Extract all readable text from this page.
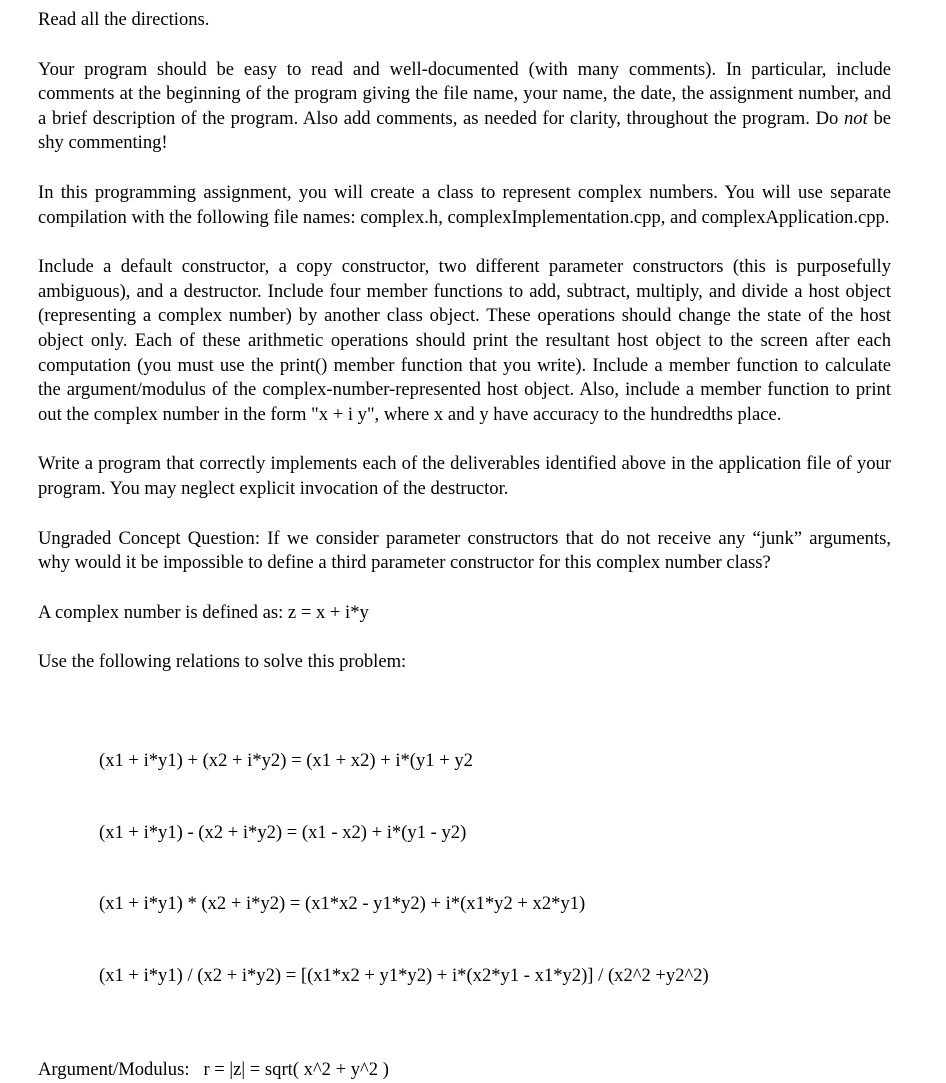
Read all the directions.

Your program should be easy to read and well-documented (with many comments). In particular, include comments at the beginning of the program giving the file name, your name, the date, the assignment number, and a brief description of the program. Also add comments, as needed for clarity, throughout the program. Do not be shy commenting!

In this programming assignment, you will create a class to represent complex numbers. You will use separate compilation with the following file names: complex.h, complexImplementation.cpp, and complexApplication.cpp.

Include a default constructor, a copy constructor, two different parameter constructors (this is purposefully ambiguous), and a destructor. Include four member functions to add, subtract, multiply, and divide a host object (representing a complex number) by another class object. These operations should change the state of the host object only. Each of these arithmetic operations should print the resultant host object to the screen after each computation (you must use the print() member function that you write). Include a member function to calculate the argument/modulus of the complex-number-represented host object. Also, include a member function to print out the complex number in the form "x + i y", where x and y have accuracy to the hundredths place.

Write a program that correctly implements each of the deliverables identified above in the application file of your program. You may neglect explicit invocation of the destructor.

Ungraded Concept Question: If we consider parameter constructors that do not receive any “junk” arguments, why would it be impossible to define a third parameter constructor for this complex number class?

A complex number is defined as: z = x + i*y

Use the following relations to solve this problem:

(x1 + i*y1) + (x2 + i*y2) = (x1 + x2) + i*(y1 + y2

(x1 + i*y1) - (x2 + i*y2) = (x1 - x2) + i*(y1 - y2)

(x1 + i*y1) * (x2 + i*y2) = (x1*x2 - y1*y2) + i*(x1*y2 + x2*y1)

(x1 + i*y1) / (x2 + i*y2) = [(x1*x2 + y1*y2) + i*(x2*y1 - x1*y2)] / (x2^2 +y2^2)

Argument/Modulus:   r = |z| = sqrt( x^2 + y^2 )
